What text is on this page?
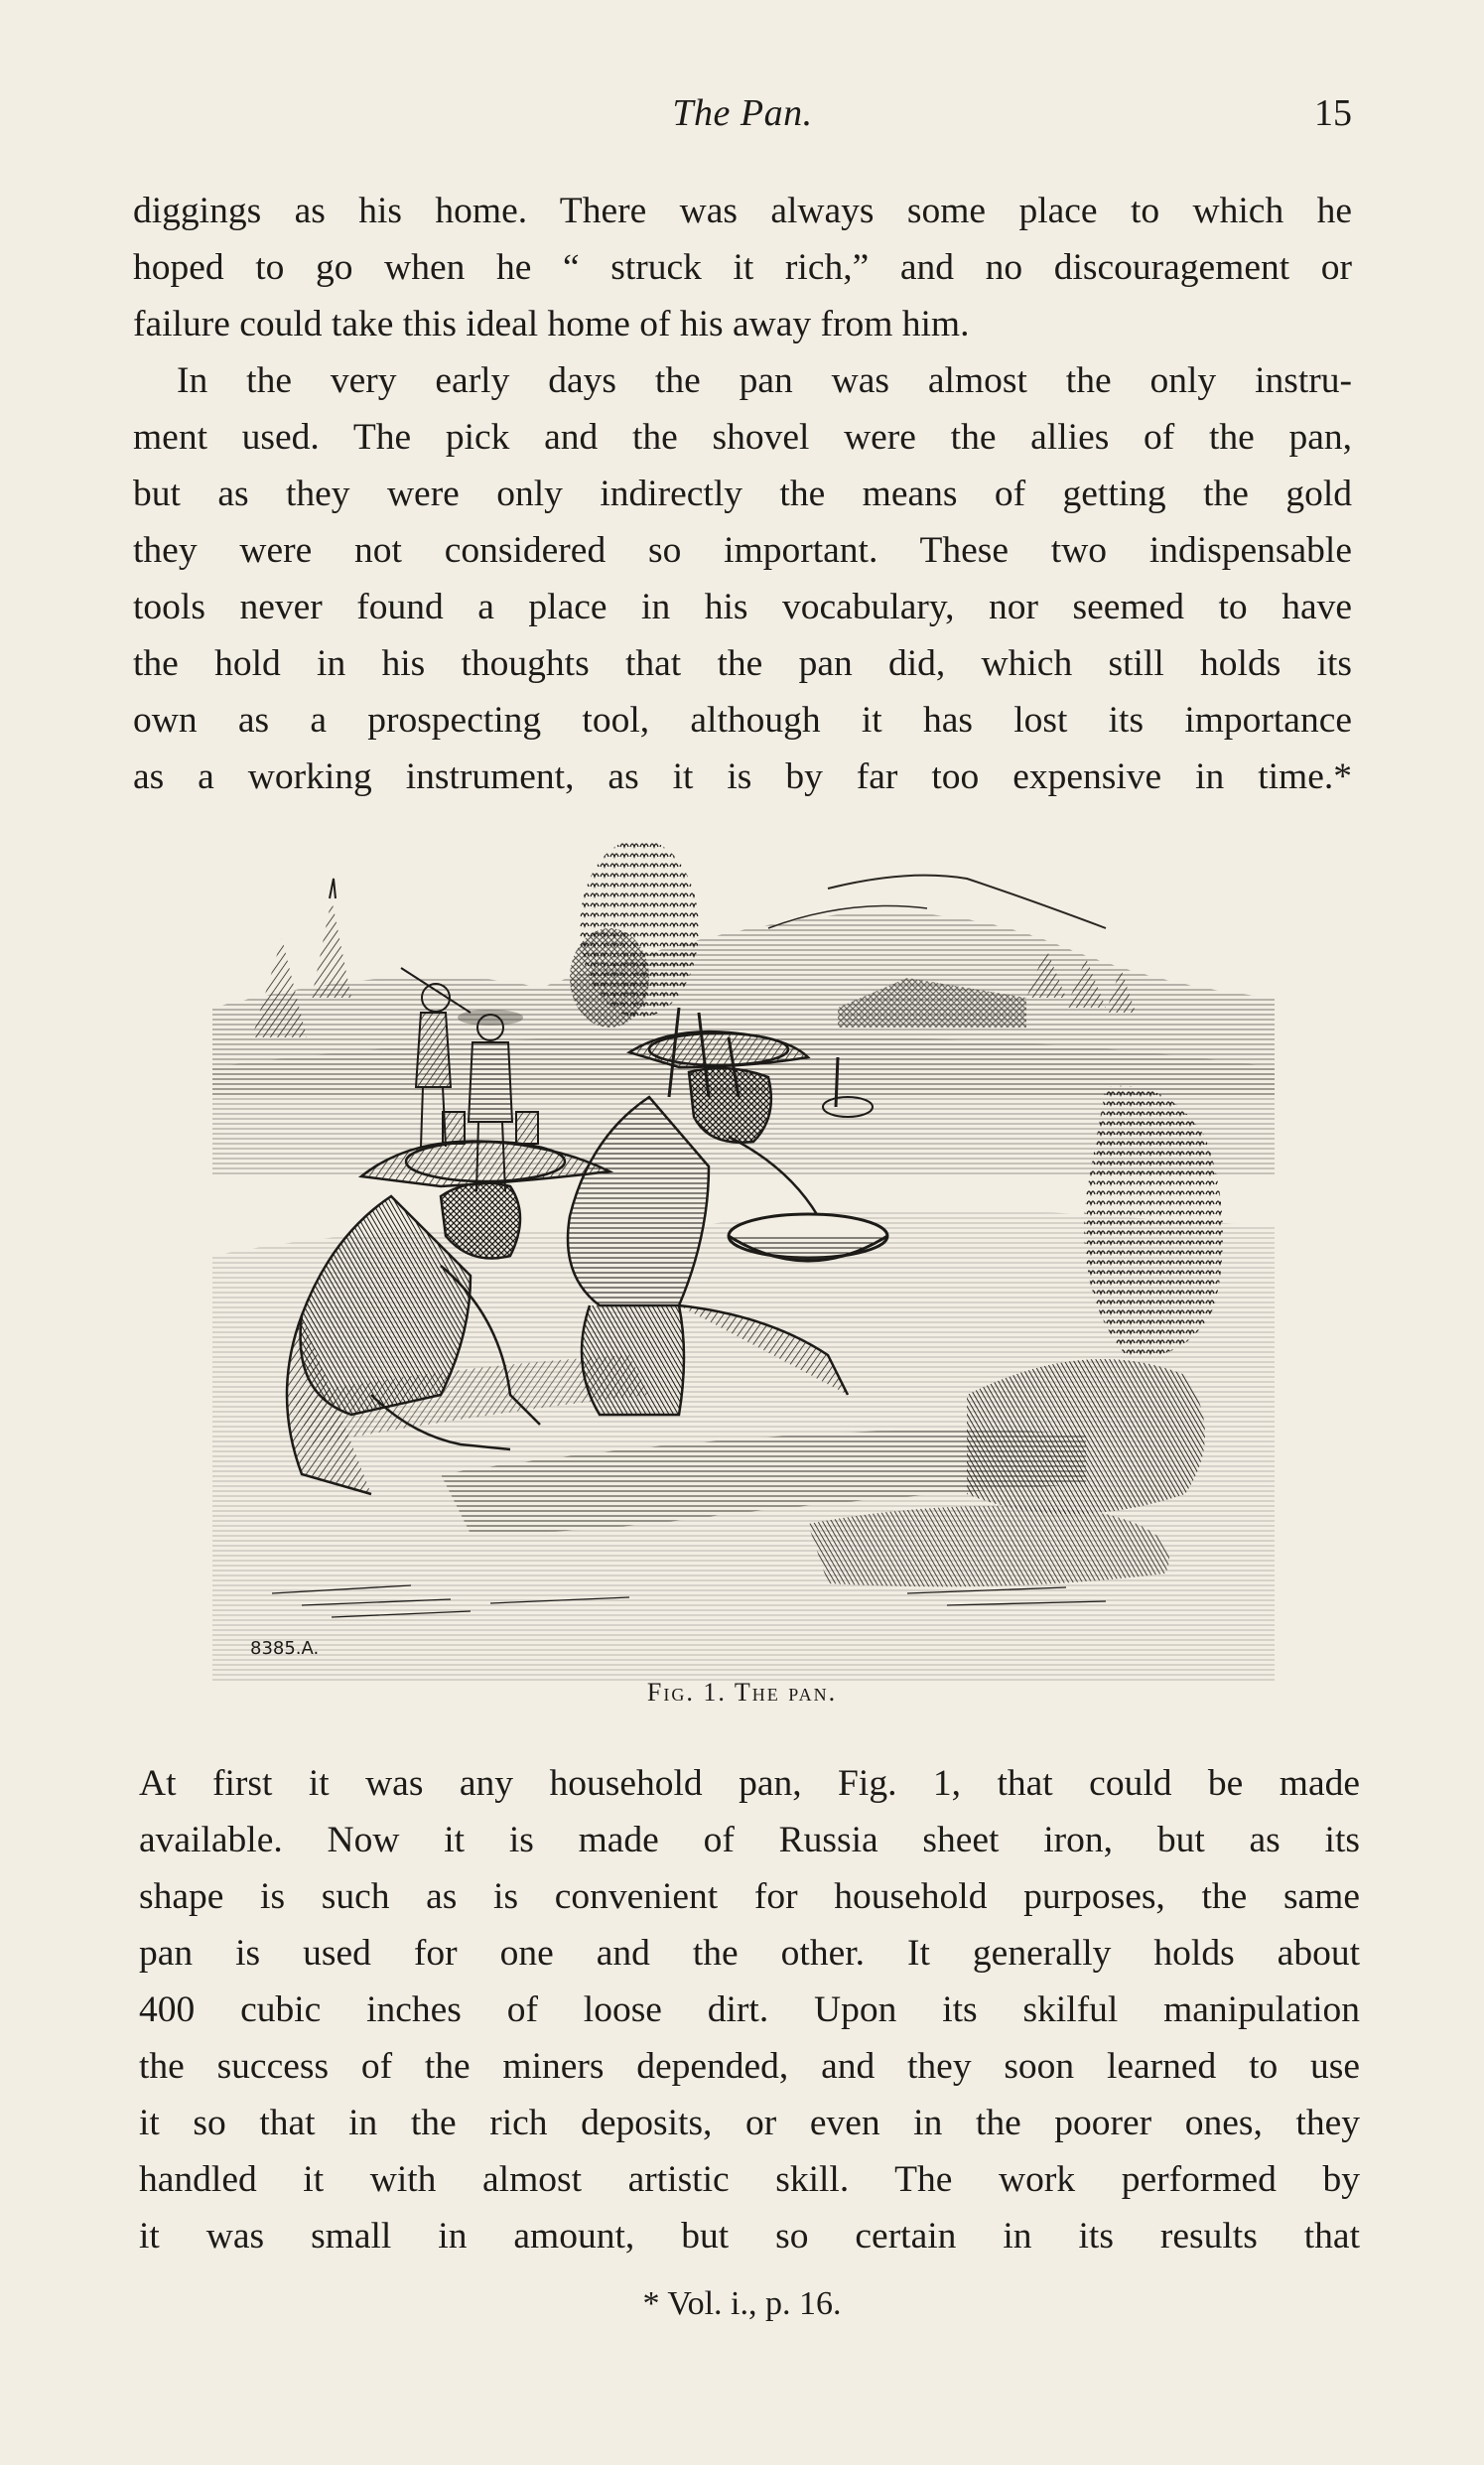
The Pan.	15

diggings as his home. There was always some place to which he
hoped to go when he “ struck it rich,” and no discouragement or
failure could take this ideal home of his away from him.

In the very early days the pan was almost the only instru-
ment used. The pick and the shovel were the allies of the pan,
but as they were only indirectly the means of getting the gold
they were not considered so important. These two indispensable
tools never found a place in his vocabulary, nor seemed to have
the hold in his thoughts that the pan did, which still holds its
own as a prospecting tool, although it has lost its importance
as a working instrument, as it is by far too expensive in time.*

8385.A.
Fig. 1. The pan.

At first it was any household pan, Fig. 1, that could be made
available. Now it is made of Russia sheet iron, but as its
shape is such as is convenient for household purposes, the same
pan is used for one and the other. It generally holds about
400 cubic inches of loose dirt. Upon its skilful manipulation
the success of the miners depended, and they soon learned to use
it so that in the rich deposits, or even in the poorer ones, they
handled it with almost artistic skill. The work performed by
it was small in amount, but so certain in its results that

* Vol. i., p. 16.
